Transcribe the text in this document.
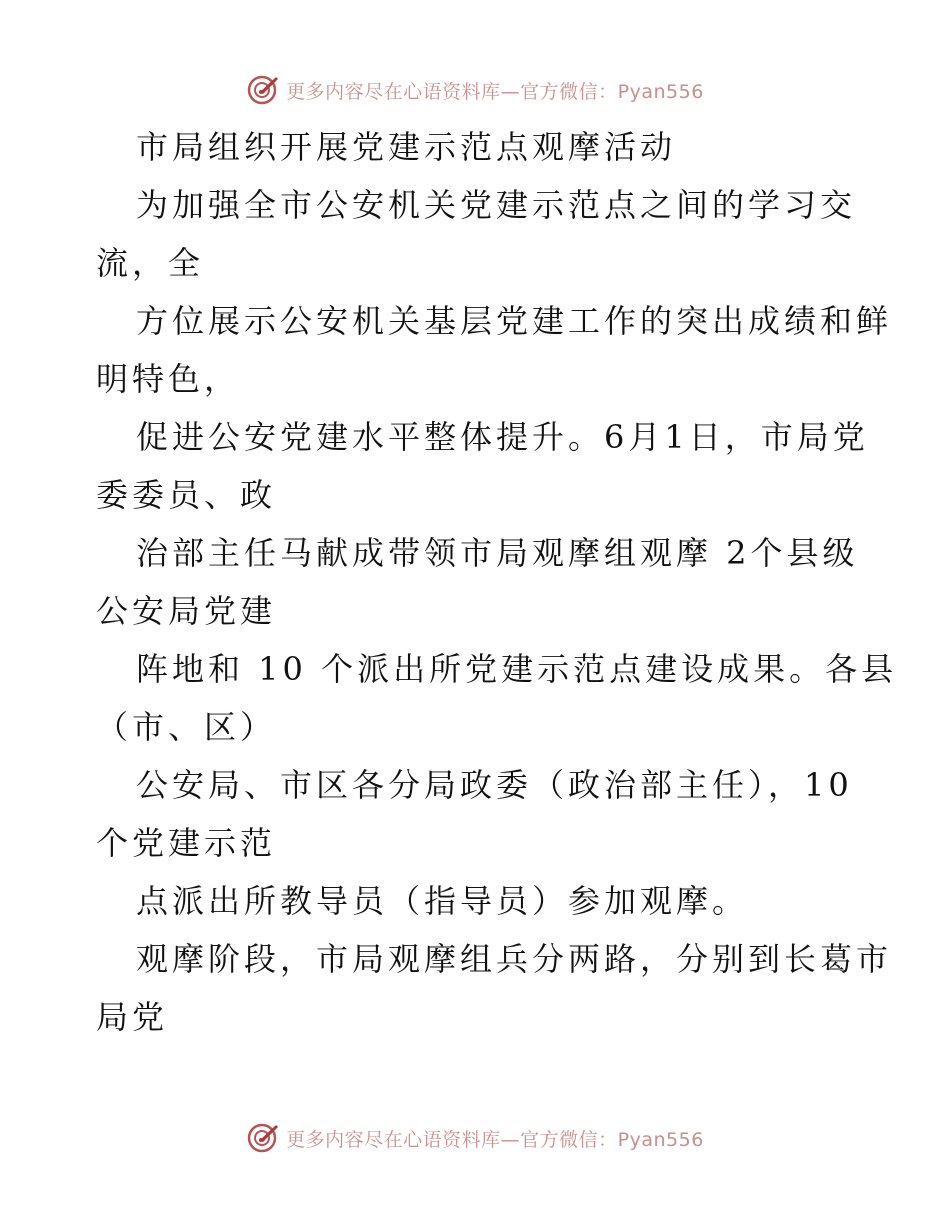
更多内容尽在心语资料库—官方微信：Pyan556
市局组织开展党建示范点观摩活动
为加强全市公安机关党建示范点之间的学习交
流，全
方位展示公安机关基层党建工作的突出成绩和鲜
明特色，
促进公安党建水平整体提升。6月1日，市局党
委委员、政
治部主任马献成带领市局观摩组观摩 2个县级
公安局党建
阵地和 10 个派出所党建示范点建设成果。各县
（市、区）
公安局、市区各分局政委（政治部主任），10
个党建示范
点派出所教导员（指导员）参加观摩。
观摩阶段，市局观摩组兵分两路，分别到长葛市
局党
更多内容尽在心语资料库—官方微信：Pyan556
